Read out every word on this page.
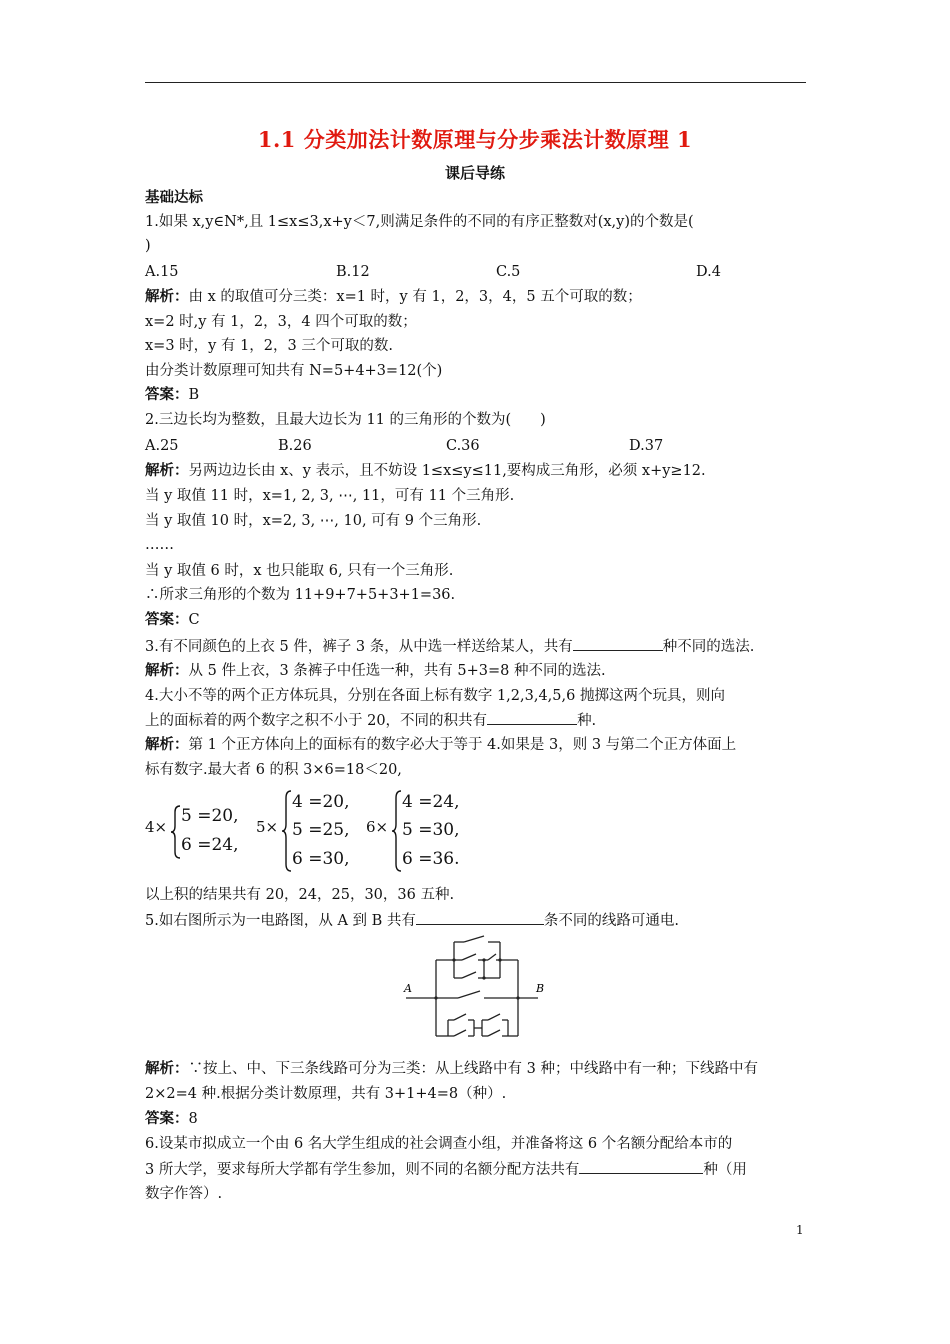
1.1 分类加法计数原理与分步乘法计数原理 1
课后导练
基础达标
1.如果 x,y∈N*,且 1≤x≤3,x+y＜7,则满足条件的不同的有序正整数对(x,y)的个数是(
)
A.15	B.12	C.5	D.4
解析：由 x 的取值可分三类：x=1 时，y 有 1，2，3，4，5 五个可取的数；
x=2 时,y 有 1，2，3，4 四个可取的数；
x=3 时，y 有 1，2，3 三个可取的数.
由分类计数原理可知共有 N=5+4+3=12(个)
答案：B
2.三边长均为整数，且最大边长为 11 的三角形的个数为(　　)
A.25	B.26	C.36	D.37
解析：另两边边长由 x、y 表示，且不妨设 1≤x≤y≤11,要构成三角形，必须 x+y≥12.
当 y 取值 11 时，x=1, 2, 3, ⋯, 11，可有 11 个三角形.
当 y 取值 10 时，x=2, 3, ⋯, 10, 可有 9 个三角形.
……
当 y 取值 6 时，x 也只能取 6, 只有一个三角形.
∴所求三角形的个数为 11+9+7+5+3+1=36.
答案：C
3.有不同颜色的上衣 5 件，裤子 3 条，从中选一样送给某人，共有	种不同的选法.
解析：从 5 件上衣，3 条裤子中任选一种，共有 5+3=8 种不同的选法.
4.大小不等的两个正方体玩具，分别在各面上标有数字 1,2,3,4,5,6 抛掷这两个玩具，则向
上的面标着的两个数字之积不小于 20，不同的积共有	种.
解析：第 1 个正方体向上的面标有的数字必大于等于 4.如果是 3，则 3 与第二个正方体面上
标有数字.最大者 6 的积 3×6=18＜20,
4×
5 =20,
6 =24,
5×
4 =20,
5 =25,
6 =30,
6×
4 =24,
5 =30,
6 =36.
以上积的结果共有 20，24，25，30，36 五种.
5.如右图所示为一电路图，从 A 到 B 共有	条不同的线路可通电.
A	B
解析：∵按上、中、下三条线路可分为三类：从上线路中有 3 种；中线路中有一种；下线路中有
2×2=4 种.根据分类计数原理，共有 3+1+4=8（种）.
答案：8
6.设某市拟成立一个由 6 名大学生组成的社会调查小组，并准备将这 6 个名额分配给本市的
3 所大学，要求每所大学都有学生参加，则不同的名额分配方法共有	种（用
数字作答）.
1
